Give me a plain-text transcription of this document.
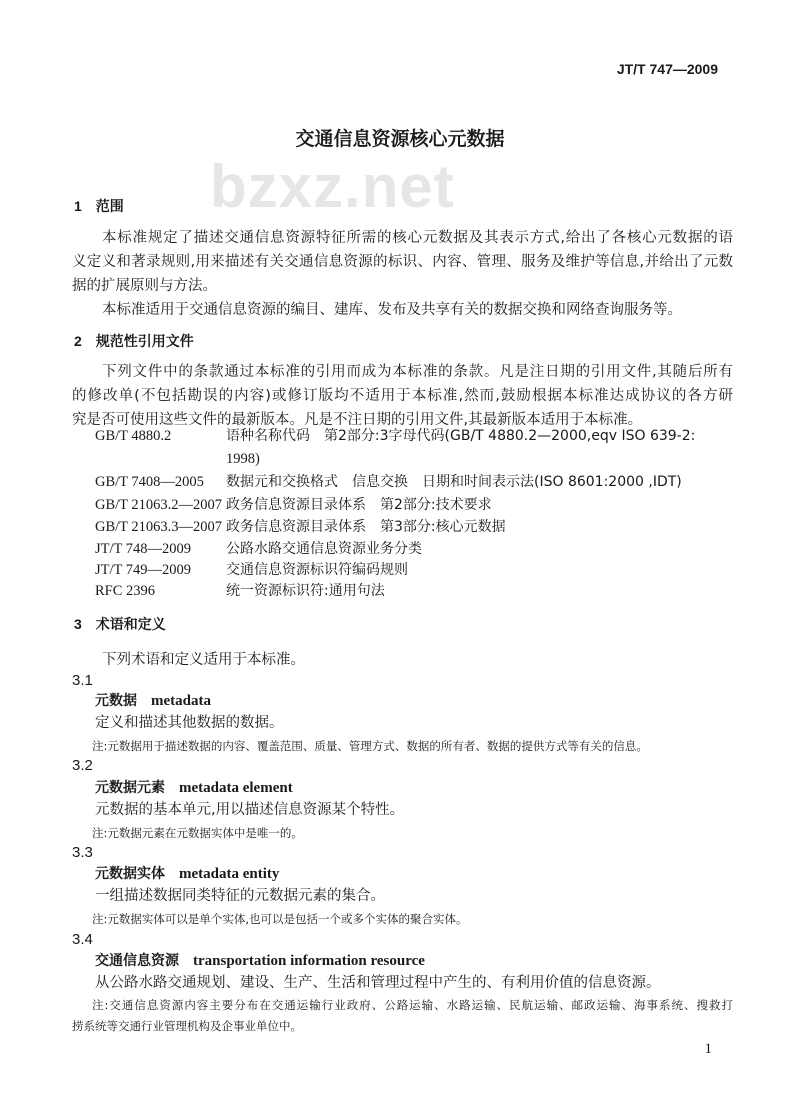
JT/T 747—2009
bzxz.net
交通信息资源核心元数据
1　范围
本标准规定了描述交通信息资源特征所需的核心元数据及其表示方式,给出了各核心元数据的语
义定义和著录规则,用来描述有关交通信息资源的标识、内容、管理、服务及维护等信息,并给出了元数
据的扩展原则与方法。
本标准适用于交通信息资源的编目、建库、发布及共享有关的数据交换和网络查询服务等。
2　规范性引用文件
下列文件中的条款通过本标准的引用而成为本标准的条款。凡是注日期的引用文件,其随后所有
的修改单(不包括勘误的内容)或修订版均不适用于本标准,然而,鼓励根据本标准达成协议的各方研
究是否可使用这些文件的最新版本。凡是不注日期的引用文件,其最新版本适用于本标准。
GB/T 4880.2	语种名称代码　第2部分:3字母代码(GB/T 4880.2—2000,eqv ISO 639-2:
1998)
GB/T 7408—2005	数据元和交换格式　信息交换　日期和时间表示法(ISO 8601:2000 ,IDT)
GB/T 21063.2—2007 政务信息资源目录体系　第2部分:技术要求
GB/T 21063.3—2007 政务信息资源目录体系　第3部分:核心元数据
JT/T 748—2009	公路水路交通信息资源业务分类
JT/T 749—2009	交通信息资源标识符编码规则
RFC 2396	统一资源标识符:通用句法
3　术语和定义
下列术语和定义适用于本标准。
3.1
元数据 metadata
定义和描述其他数据的数据。
注:元数据用于描述数据的内容、覆盖范围、质量、管理方式、数据的所有者、数据的提供方式等有关的信息。
3.2
元数据元素 metadata element
元数据的基本单元,用以描述信息资源某个特性。
注:元数据元素在元数据实体中是唯一的。
3.3
元数据实体 metadata entity
一组描述数据同类特征的元数据元素的集合。
注:元数据实体可以是单个实体,也可以是包括一个或多个实体的聚合实体。
3.4
交通信息资源 transportation information resource
从公路水路交通规划、建设、生产、生活和管理过程中产生的、有利用价值的信息资源。
注:交通信息资源内容主要分布在交通运输行业政府、公路运输、水路运输、民航运输、邮政运输、海事系统、搜救打
捞系统等交通行业管理机构及企事业单位中。
1
